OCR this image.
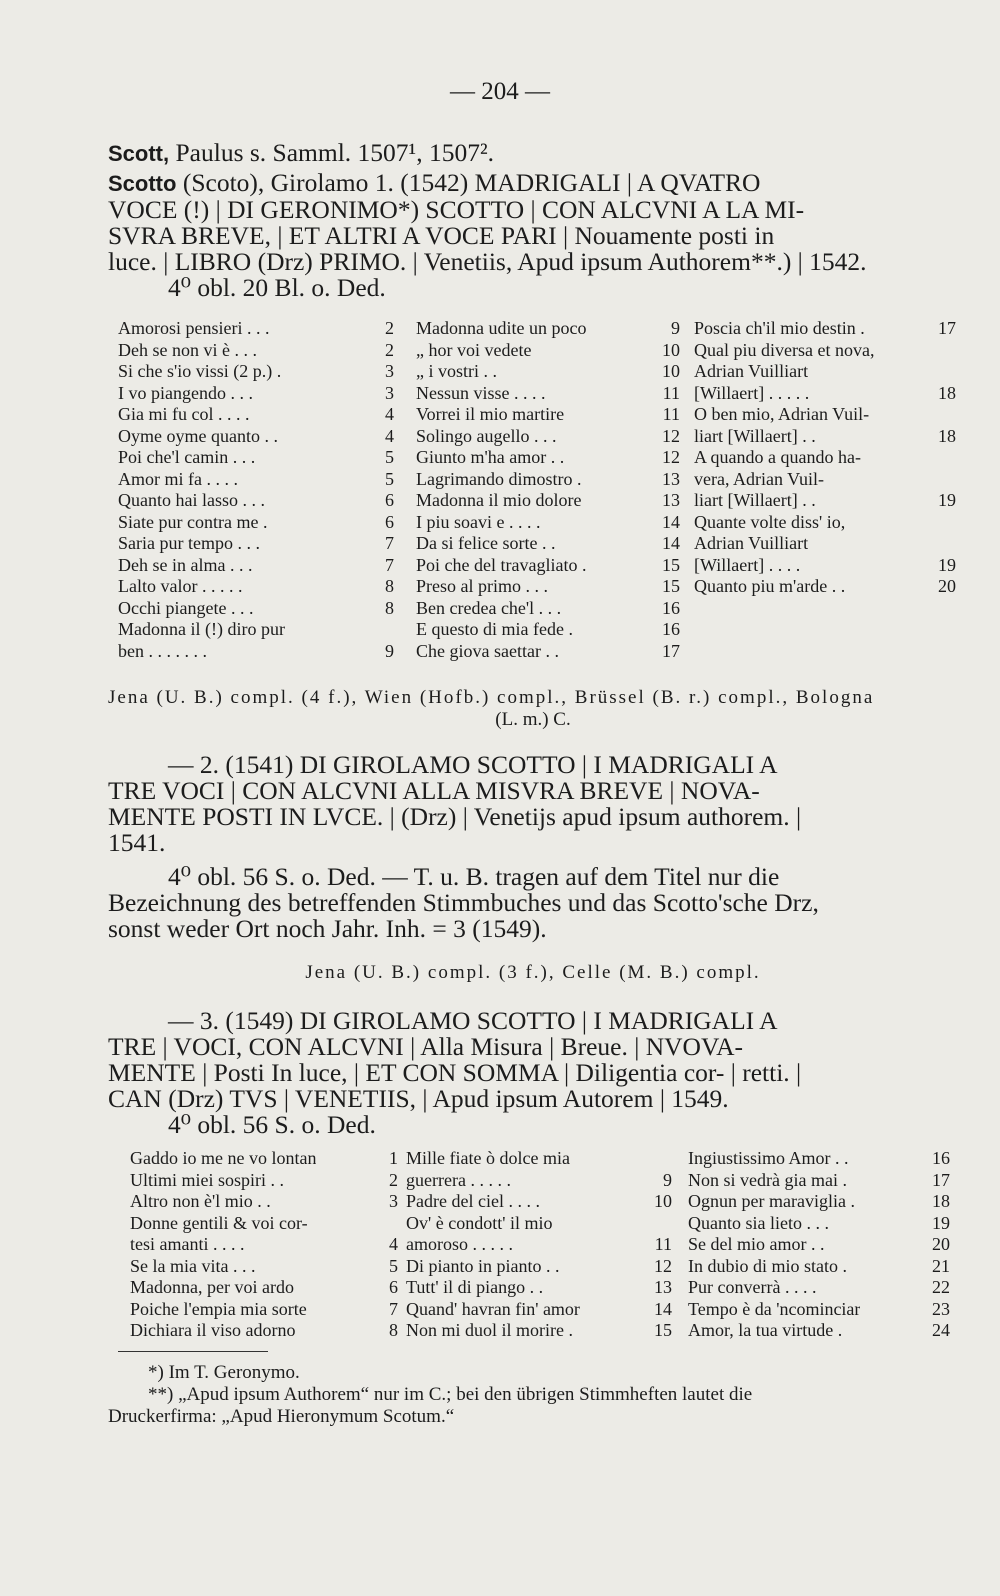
— 204 —

Scott, Paulus s. Samml. 1507¹, 1507².

Scotto (Scoto), Girolamo 1. (1542) MADRIGALI | A QVATRO

VOCE (!) | DI GERONIMO*) SCOTTO | CON ALCVNI A LA MI-

SVRA BREVE, | ET ALTRI A VOCE PARI | Nouamente posti in

luce. | LIBRO (Drz) PRIMO. | Venetiis, Apud ipsum Authorem**.) | 1542.

4⁰ obl. 20 Bl. o. Ded.

Amorosi pensieri . . .	2
Deh se non vi è . . .	2
Si che s'io vissi (2 p.) .	3
I vo piangendo . . .	3
Gia mi fu col . . . .	4
Oyme oyme quanto . .	4
Poi che'l camin . . .	5
Amor mi fa . . . .	5
Quanto hai lasso . . .	6
Siate pur contra me .	6
Saria pur tempo . . .	7
Deh se in alma . . .	7
Lalto valor . . . . .	8
Occhi piangete . . .	8
Madonna il (!) diro pur
ben . . . . . . .	9
Madonna udite un poco	9
„ hor voi vedete	10
„ i vostri . .	10
Nessun visse . . . .	11
Vorrei il mio martire	11
Solingo augello . . .	12
Giunto m'ha amor . .	12
Lagrimando dimostro .	13
Madonna il mio dolore	13
I piu soavi e . . . .	14
Da si felice sorte . .	14
Poi che del travagliato .	15
Preso al primo . . .	15
Ben credea che'l . . .	16
E questo di mia fede .	16
Che giova saettar . .	17
Poscia ch'il mio destin .	17
Qual piu diversa et nova,
Adrian Vuilliart
[Willaert] . . . . .	18
O ben mio, Adrian Vuil-
liart [Willaert] . .	18
A quando a quando ha-
vera, Adrian Vuil-
liart [Willaert] . .	19
Quante volte diss' io,
Adrian Vuilliart
[Willaert] . . . .	19
Quanto piu m'arde . .	20
Jena (U. B.) compl. (4 f.), Wien (Hofb.) compl., Brüssel (B. r.) compl., Bologna
(L. m.) C.

— 2. (1541) DI GIROLAMO SCOTTO | I MADRIGALI A

TRE VOCI | CON ALCVNI ALLA MISVRA BREVE | NOVA-

MENTE POSTI IN LVCE. | (Drz) | Venetijs apud ipsum authorem. |

1541.

4⁰ obl. 56 S. o. Ded. — T. u. B. tragen auf dem Titel nur die

Bezeichnung des betreffenden Stimmbuches und das Scotto'sche Drz,

sonst weder Ort noch Jahr. Inh. = 3 (1549).

Jena (U. B.) compl. (3 f.), Celle (M. B.) compl.

— 3. (1549) DI GIROLAMO SCOTTO | I MADRIGALI A

TRE | VOCI, CON ALCVNI | Alla Misura | Breue. | NVOVA-

MENTE | Posti In luce, | ET CON SOMMA | Diligentia cor- | retti. |

CAN (Drz) TVS | VENETIIS, | Apud ipsum Autorem | 1549.

4⁰ obl. 56 S. o. Ded.

Gaddo io me ne vo lontan	1
Ultimi miei sospiri . .	2
Altro non è'l mio . .	3
Donne gentili & voi cor-
tesi amanti . . . .	4
Se la mia vita . . .	5
Madonna, per voi ardo	6
Poiche l'empia mia sorte	7
Dichiara il viso adorno	8
Mille fiate ò dolce mia
guerrera . . . . .	9
Padre del ciel . . . .	10
Ov' è condott' il mio
amoroso . . . . .	11
Di pianto in pianto . .	12
Tutt' il di piango . .	13
Quand' havran fin' amor	14
Non mi duol il morire .	15
Ingiustissimo Amor . .	16
Non si vedrà gia mai .	17
Ognun per maraviglia .	18
Quanto sia lieto . . .	19
Se del mio amor . .	20
In dubio di mio stato .	21
Pur converrà . . . .	22
Tempo è da 'ncominciar	23
Amor, la tua virtude .	24

*) Im T. Geronymo.

**) „Apud ipsum Authorem“ nur im C.; bei den übrigen Stimmheften lautet die

Druckerfirma: „Apud Hieronymum Scotum.“
